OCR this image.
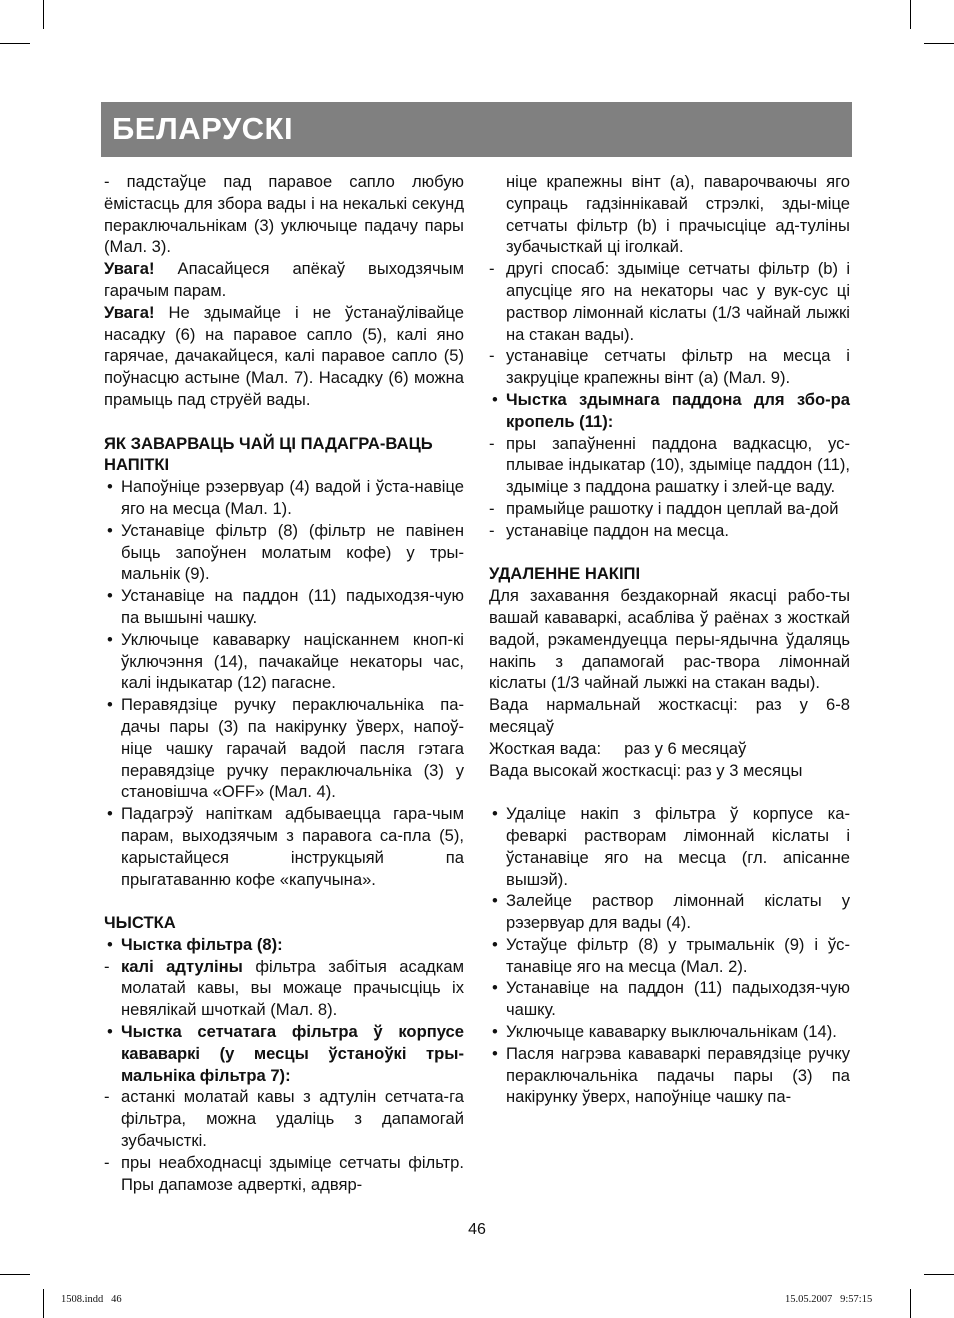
БЕЛАРУСКІ

- падстаўце пад паравое сапло любую ёмістасць для збора вады і на некалькі секунд пераключальнікам (3) уключыце падачу пары (Мал. 3).

Увага! Апасайцеся апёкаў выходзячым гарачым парам.

Увага! Не здымайце і не ўстанаўлівайце насадку (6) на паравое сапло (5), калі яно гарячае, дачакайцеся, калі паравое сапло (5) поўнасцю астыне (Мал. 7). Насадку (6) можна прамыць пад струёй вады.

ЯК ЗАВАРВАЦЬ ЧАЙ ЦІ ПАДАГРА-ВАЦЬ НАПІТКІ

• Напоўніце рэзервуар (4) вадой і ўста-навіце яго на месца (Мал. 1).
• Устанавіце фільтр (8) (фільтр не павінен быць запоўнен молатым кофе) у тры-мальнік (9).
• Устанавіце на паддон (11) падыходзя-чую па вышыні чашку.
• Уключыце кававарку націсканнем кноп-кі ўключэння (14), пачакайце некаторы час, калі індыкатар (12) пагасне.
• Перавядзіце ручку пераключальніка па-дачы пары (3) па накірунку ўверх, напоў-ніце чашку гарачай вадой пасля гэтага перавядзіце ручку пераключальніка (3) у становішча «OFF» (Мал. 4).
• Падагрэў напіткам адбываецца гара-чым парам, выходзячым з паравога са-пла (5), карыстайцеся інструкцыяй па прыгатаванню кофе «капучына».

ЧЫСТКА

• Чыстка фільтра (8):
- калі адтуліны фільтра забітыя асадкам молатай кавы, вы можаце прачысціць іх невялікай шчоткай (Мал. 8).
• Чыстка сетчатага фільтра ў корпусе кававаркі (у месцы ўстаноўкі тры-мальніка фільтра 7):
- астанкі молатай кавы з адтулін сетчата-га фільтра, можна удаліць з дапамогай зубачысткі.
- пры неабходнасці здыміце сетчаты фільтр. Пры дапамозе адверткі, адвяр-

ніце крапежны вінт (a), паварочваючы яго супраць гадзіннікавай стрэлкі, зды-міце сетчаты фільтр (b) і прачысціце ад-туліны зубачысткай ці іголкай.

- другі спосаб: здыміце сетчаты фільтр (b) і апусціце яго на некаторы час у вук-сус ці раствор лімоннай кіслаты (1/3 чайнай лыжкі на стакан вады).
- устанавіце сетчаты фільтр на месца і закруціце крапежны вінт (a) (Мал. 9).
• Чыстка здымнага паддона для збо-ра кропель (11):
- пры запаўненні паддона вадкасцю, ус-плывае індыкатар (10), здыміце паддон (11), здыміце з паддона рашатку і злей-це ваду.
- прамыйце рашотку і паддон цеплай ва-дой
- устанавіце паддон на месца.

УДАЛЕННЕ НАКІПІ

Для захавання бездакорнай якасці рабо-ты вашай кававаркі, асабліва ў раёнах з жосткай вадой, рэкамендуецца перы-ядычна ўдаляць накіпь з дапамогай рас-твора лімоннай кіслаты (1/3 чайнай лыжкі на стакан вады).

Вада нармальнай жосткасці: раз у 6-8 месяцаў

Жосткая вада:     раз у 6 месяцаў

Вада высокай жосткасці: раз у 3 месяцы

• Удаліце накіп з фільтра ў корпусе ка-феваркі раствoрам лімоннай кіслаты і ўстанавіце яго на месца (гл. апісанне вышэй).
• Залейце раствор лімоннай кіслаты у рэзервуар для вады (4).
• Устаўце фільтр (8) у трымальнік (9) і ўс-танавіце яго на месца (Мал. 2).
• Устанавіце на паддон (11) падыходзя-чую чашку.
• Уключыце кававарку выключальнікам (14).
• Пасля нагрэва кававаркі перавядзіце ручку пераключальніка падачы пары (3) па накірунку ўверх, напоўніце чашку па-
46
1508.indd   46	15.05.2007   9:57:15
